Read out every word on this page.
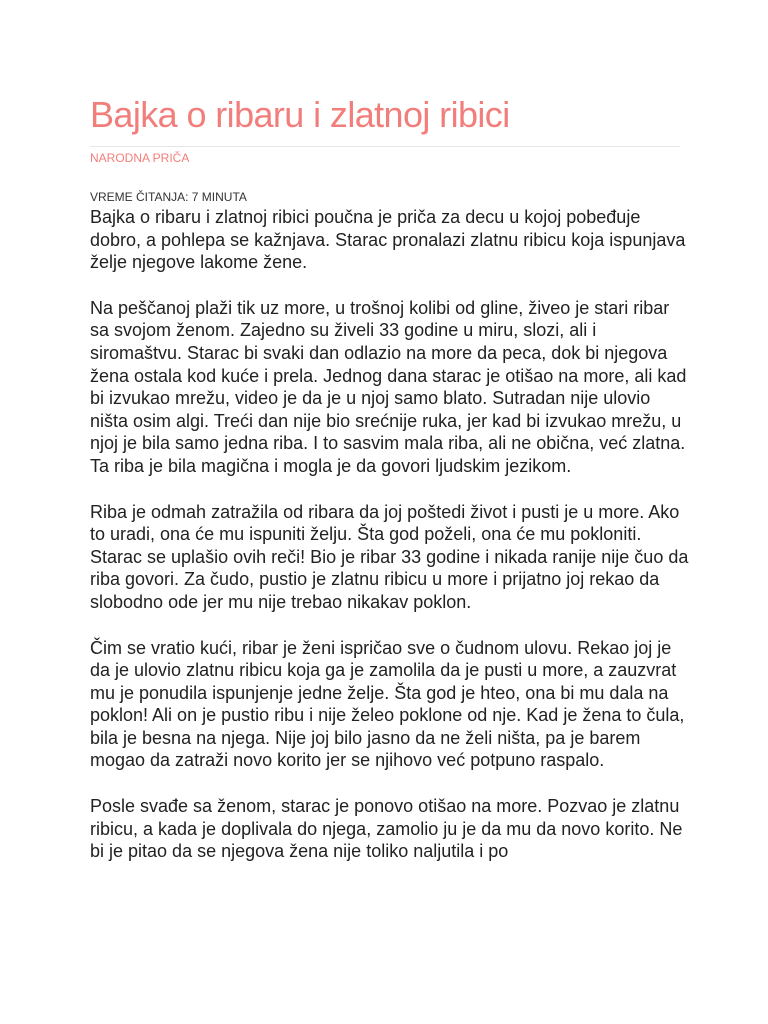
Bajka o ribaru i zlatnoj ribici
NARODNA PRIČA
VREME ČITANJA: 7 MINUTA

Bajka o ribaru i zlatnoj ribici poučna je priča za decu u kojoj pobeđuje dobro, a pohlepa se kažnjava. Starac pronalazi zlatnu ribicu koja ispunjava želje njegove lakome žene.

Na peščanoj plaži tik uz more, u trošnoj kolibi od gline, živeo je stari ribar sa svojom ženom. Zajedno su živeli 33 godine u miru, slozi, ali i siromaštvu. Starac bi svaki dan odlazio na more da peca, dok bi njegova žena ostala kod kuće i prela. Jednog dana starac je otišao na more, ali kad bi izvukao mrežu, video je da je u njoj samo blato. Sutradan nije ulovio ništa osim algi. Treći dan nije bio srećnije ruka, jer kad bi izvukao mrežu, u njoj je bila samo jedna riba. I to sasvim mala riba, ali ne obična, već zlatna. Ta riba je bila magična i mogla je da govori ljudskim jezikom.

Riba je odmah zatražila od ribara da joj poštedi život i pusti je u more. Ako to uradi, ona će mu ispuniti želju. Šta god poželi, ona će mu pokloniti. Starac se uplašio ovih reči! Bio je ribar 33 godine i nikada ranije nije čuo da riba govori. Za čudo, pustio je zlatnu ribicu u more i prijatno joj rekao da slobodno ode jer mu nije trebao nikakav poklon.

Čim se vratio kući, ribar je ženi ispričao sve o čudnom ulovu. Rekao joj je da je ulovio zlatnu ribicu koja ga je zamolila da je pusti u more, a zauzvrat mu je ponudila ispunjenje jedne želje. Šta god je hteo, ona bi mu dala na poklon! Ali on je pustio ribu i nije želeo poklone od nje. Kad je žena to čula, bila je besna na njega. Nije joj bilo jasno da ne želi ništa, pa je barem mogao da zatraži novo korito jer se njihovo već potpuno raspalo.

Posle svađe sa ženom, starac je ponovo otišao na more. Pozvao je zlatnu ribicu, a kada je doplivala do njega, zamolio ju je da mu da novo korito. Ne bi je pitao da se njegova žena nije toliko naljutila i po
